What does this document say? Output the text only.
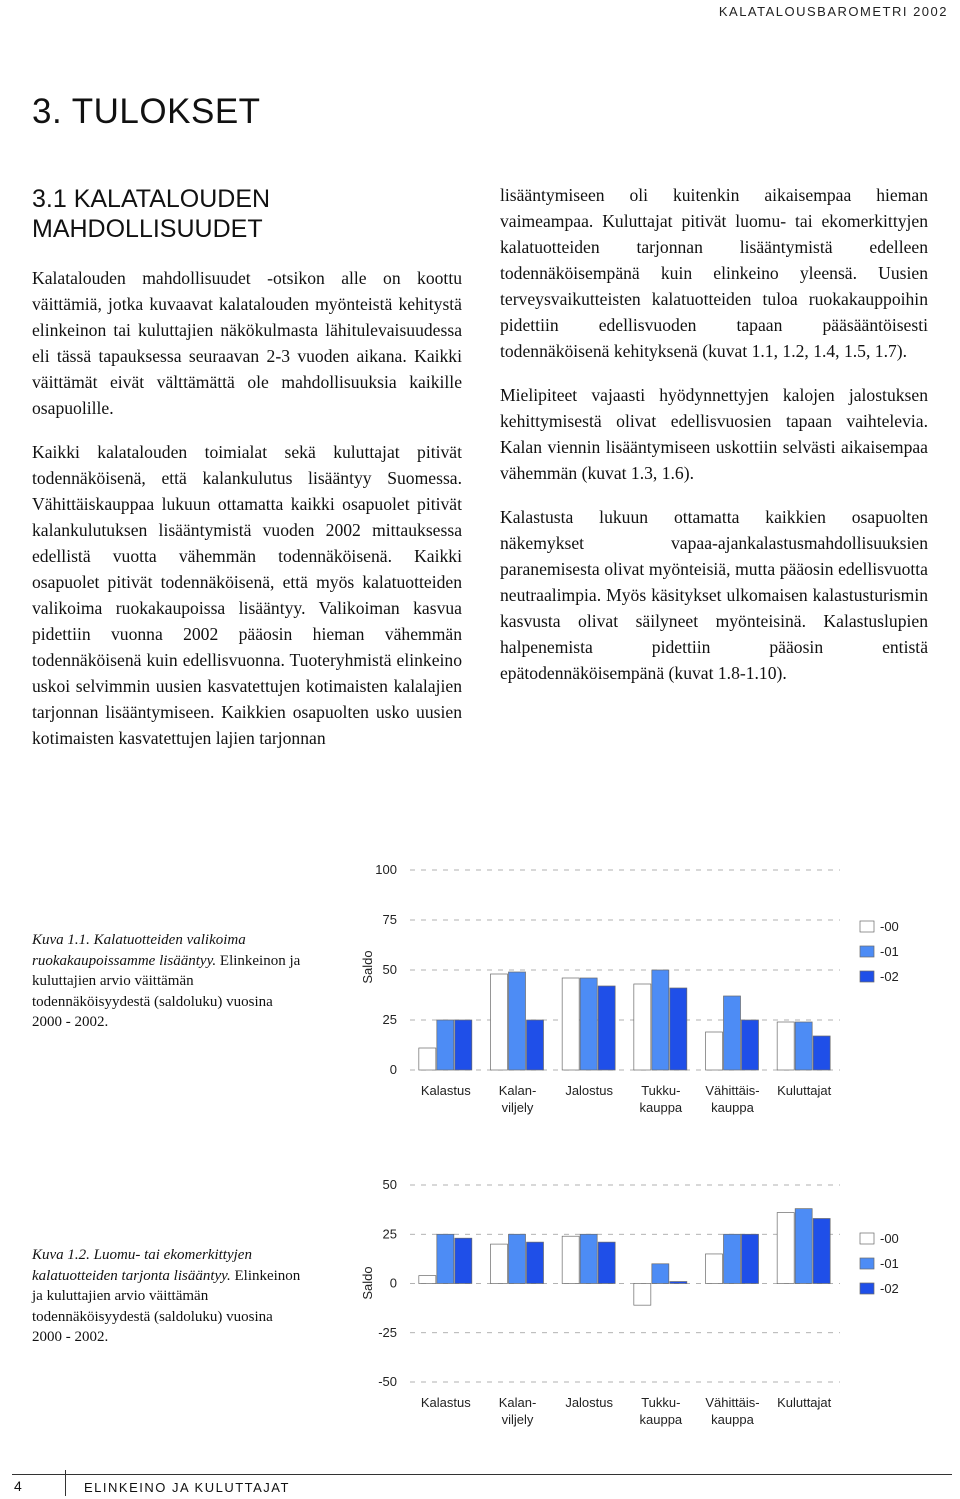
KALATALOUSBAROMETRI 2002
3. TULOKSET
3.1 KALATALOUDEN
MAHDOLLISUUDET

Kalatalouden mahdollisuudet -otsikon alle on koottu väittämiä, jotka kuvaavat kalatalouden myönteistä kehitystä elinkeinon tai kuluttajien näkökulmasta lähitulevaisuudessa eli tässä tapauksessa seuraavan 2-3 vuoden aikana. Kaikki väittämät eivät välttämättä ole mahdollisuuksia kaikille osapuolille.

Kaikki kalatalouden toimialat sekä kuluttajat pitivät todennäköisenä, että kalankulutus lisääntyy Suomessa. Vähittäiskauppaa lukuun ottamatta kaikki osapuolet pitivät kalankulutuksen lisääntymistä vuoden 2002 mittauksessa edellistä vuotta vähemmän todennäköisenä. Kaikki osapuolet pitivät todennäköisenä, että myös kalatuotteiden valikoima ruokakaupoissa lisääntyy. Valikoiman kasvua pidettiin vuonna 2002 pääosin hieman vähemmän todennäköisenä kuin edellisvuonna. Tuoteryhmistä elinkeino uskoi selvimmin uusien kasvatettujen kotimaisten kalalajien tarjonnan lisääntymiseen. Kaikkien osapuolten usko uusien kotimaisten kasvatettujen lajien tarjonnan

lisääntymiseen oli kuitenkin aikaisempaa hieman vaimeampaa. Kuluttajat pitivät luomu- tai ekomerkittyjen kalatuotteiden tarjonnan lisääntymistä edelleen todennäköisempänä kuin elinkeino yleensä. Uusien terveysvaikutteisten kalatuotteiden tuloa ruokakauppoihin pidettiin edellisvuoden tapaan pääsääntöisesti todennäköisenä kehityksenä (kuvat 1.1, 1.2, 1.4, 1.5, 1.7).

Mielipiteet vajaasti hyödynnettyjen kalojen jalostuksen kehittymisestä olivat edellisvuosien tapaan vaihtelevia. Kalan viennin lisääntymiseen uskottiin selvästi aikaisempaa vähemmän (kuvat 1.3, 1.6).

Kalastusta lukuun ottamatta kaikkien osapuolten näkemykset vapaa-ajankalastusmahdollisuuksien paranemisesta olivat myönteisiä, mutta pääosin edellisvuotta neutraalimpia. Myös käsitykset ulkomaisen kalastusturismin kasvusta olivat säilyneet myönteisinä. Kalastuslupien halpenemista pidettiin pääosin entistä epätodennäköisempänä (kuvat 1.8-1.10).

Kuva 1.1. Kalatuotteiden valikoima ruokakaupoissamme lisääntyy. Elinkeinon ja kuluttajien arvio väittämän todennäköisyydestä (saldoluku) vuosina 2000 - 2002.
Kuva 1.2. Luomu- tai ekomerkittyjen kalatuotteiden tarjonta lisääntyy. Elinkeinon ja kuluttajien arvio väittämän todennäköisyydestä (saldoluku) vuosina 2000 - 2002.
0
25
50
75
100
Saldo
Kalastus Kalan-
viljely
Jalostus Tukku-
kauppa
Vähittäis-
kauppa
Kuluttajat
-00
-01
-02
-50
-25
0
25
50
Saldo
Kalastus Kalan-
viljely
Jalostus Tukku-
kauppa
Vähittäis-
kauppa
Kuluttajat
-00
-01
-02
4	ELINKEINO JA KULUTTAJAT
